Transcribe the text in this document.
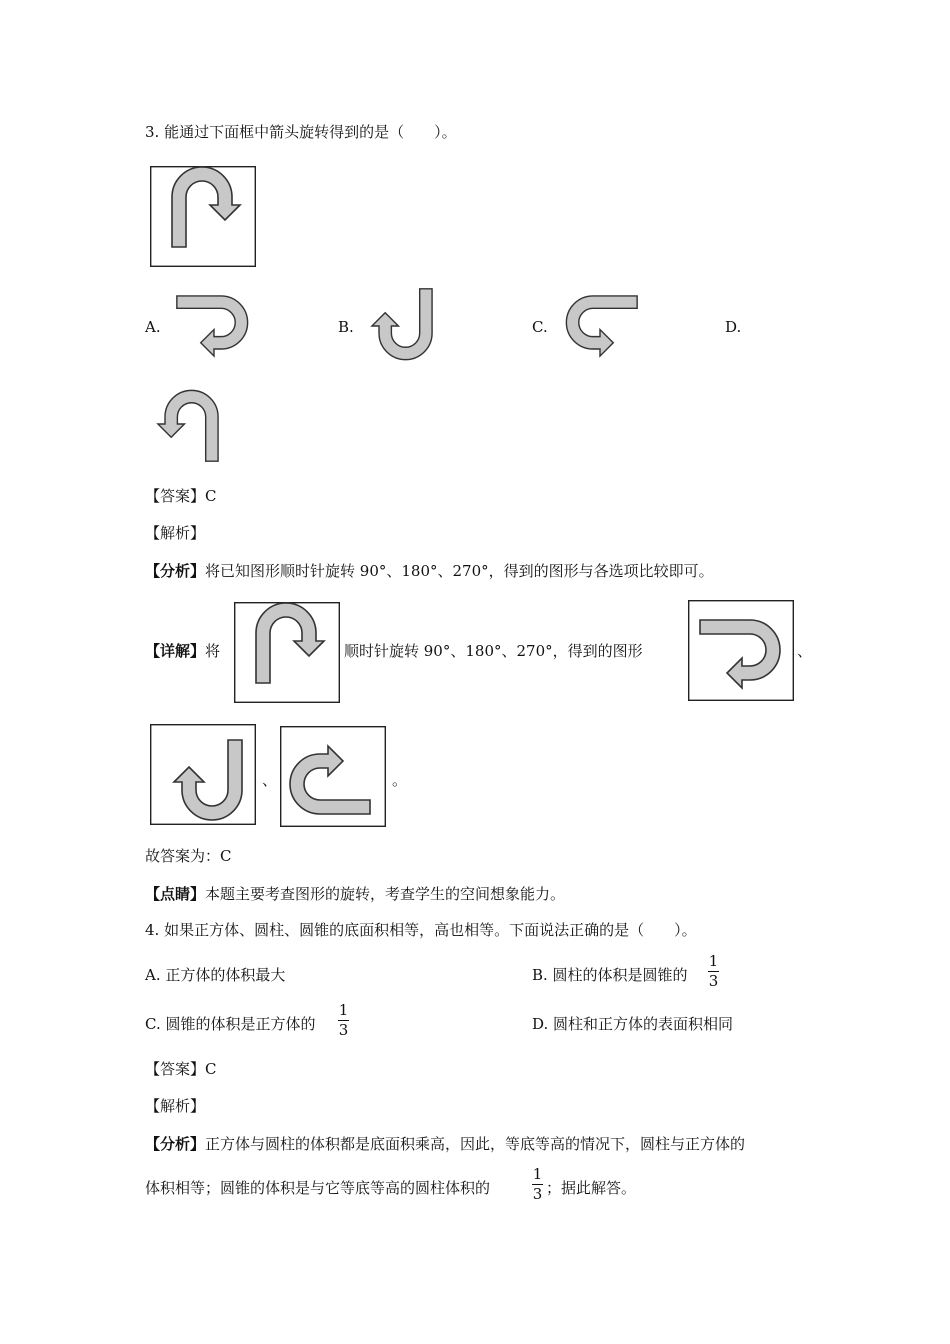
3. 能通过下面框中箭头旋转得到的是（　　）。
A.	B.	C.	D.
【答案】C
【解析】
【分析】将已知图形顺时针旋转 90°、180°、270°，得到的图形与各选项比较即可。
【详解】将	顺时针旋转 90°、180°、270°，得到的图形	、
、	。
故答案为：C
【点睛】本题主要考查图形的旋转，考查学生的空间想象能力。
4. 如果正方体、圆柱、圆锥的底面积相等，高也相等。下面说法正确的是（　　）。
A. 正方体的体积最大	B. 圆柱的体积是圆锥的
1
3
C. 圆锥的体积是正方体的
1
3	D. 圆柱和正方体的表面积相同
【答案】C
【解析】
【分析】正方体与圆柱的体积都是底面积乘高，因此，等底等高的情况下，圆柱与正方体的
体积相等；圆锥的体积是与它等底等高的圆柱体积的
1
3 ；据此解答。
